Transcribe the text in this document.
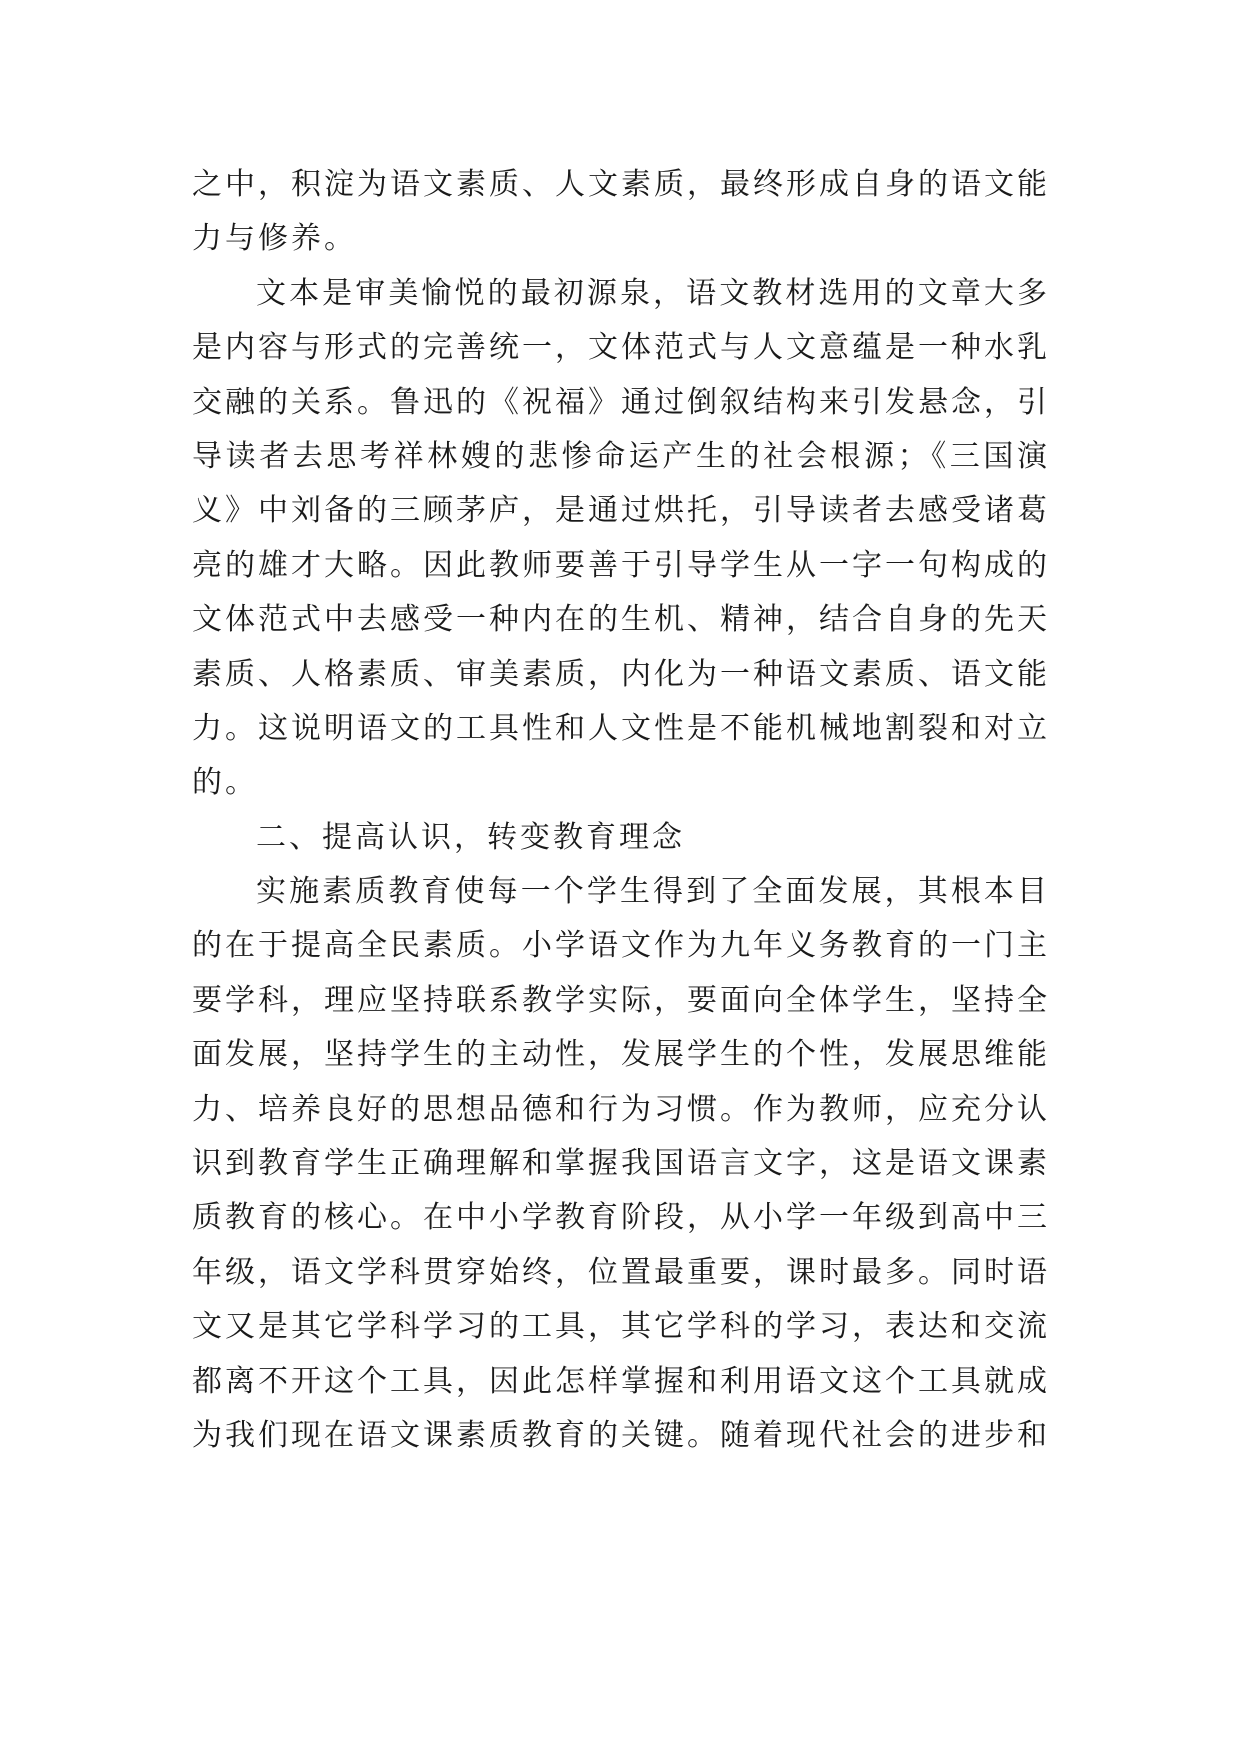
之中，积淀为语文素质、人文素质，最终形成自身的语文能
力与修养。
文本是审美愉悦的最初源泉，语文教材选用的文章大多
是内容与形式的完善统一，文体范式与人文意蕴是一种水乳
交融的关系。鲁迅的《祝福》通过倒叙结构来引发悬念，引
导读者去思考祥林嫂的悲惨命运产生的社会根源；《三国演
义》中刘备的三顾茅庐，是通过烘托，引导读者去感受诸葛
亮的雄才大略。因此教师要善于引导学生从一字一句构成的
文体范式中去感受一种内在的生机、精神，结合自身的先天
素质、人格素质、审美素质，内化为一种语文素质、语文能
力。这说明语文的工具性和人文性是不能机械地割裂和对立
的。
二、提高认识，转变教育理念
实施素质教育使每一个学生得到了全面发展，其根本目
的在于提高全民素质。小学语文作为九年义务教育的一门主
要学科，理应坚持联系教学实际，要面向全体学生，坚持全
面发展，坚持学生的主动性，发展学生的个性，发展思维能
力、培养良好的思想品德和行为习惯。作为教师，应充分认
识到教育学生正确理解和掌握我国语言文字，这是语文课素
质教育的核心。在中小学教育阶段，从小学一年级到高中三
年级，语文学科贯穿始终，位置最重要，课时最多。同时语
文又是其它学科学习的工具，其它学科的学习，表达和交流
都离不开这个工具，因此怎样掌握和利用语文这个工具就成
为我们现在语文课素质教育的关键。随着现代社会的进步和
